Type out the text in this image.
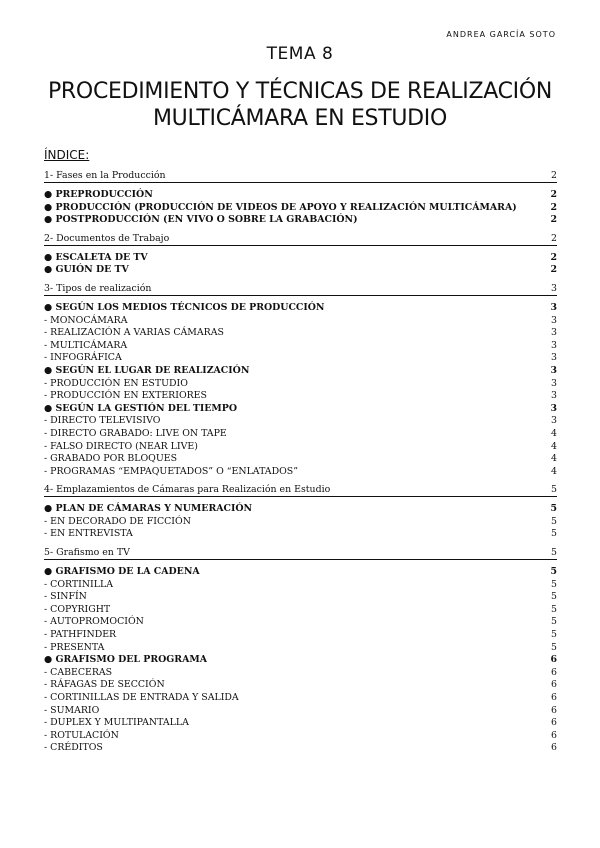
ANDREA GARCÍA SOTO
TEMA 8
PROCEDIMIENTO Y TÉCNICAS DE REALIZACIÓN
MULTICÁMARA EN ESTUDIO
ÍNDICE:
1- Fases en la Producción	2
● PREPRODUCCIÓN	2
● PRODUCCIÓN (PRODUCCIÓN DE VIDEOS DE APOYO Y REALIZACIÓN MULTICÁMARA)	2
● POSTPRODUCCIÓN (EN VIVO O SOBRE LA GRABACIÓN)	2
2- Documentos de Trabajo	2
● ESCALETA DE TV	2
● GUIÓN DE TV	2
3- Tipos de realización	3
● SEGÚN LOS MEDIOS TÉCNICOS DE PRODUCCIÓN	3
- MONOCÁMARA	3
- REALIZACIÓN A VARIAS CÁMARAS	3
- MULTICÁMARA	3
- INFOGRÁFICA	3
● SEGÚN EL LUGAR DE REALIZACIÓN	3
- PRODUCCIÓN EN ESTUDIO	3
- PRODUCCIÓN EN EXTERIORES	3
● SEGÚN LA GESTIÓN DEL TIEMPO	3
- DIRECTO TELEVISIVO	3
- DIRECTO GRABADO: LIVE ON TAPE	4
- FALSO DIRECTO (NEAR LIVE)	4
- GRABADO POR BLOQUES	4
- PROGRAMAS “EMPAQUETADOS” O “ENLATADOS”	4
4- Emplazamientos de Cámaras para Realización en Estudio	5
● PLAN DE CÁMARAS Y NUMERACIÓN	5
- EN DECORADO DE FICCIÓN	5
- EN ENTREVISTA	5
5- Grafismo en TV	5
● GRAFISMO DE LA CADENA	5
- CORTINILLA	5
- SINFÍN	5
- COPYRIGHT	5
- AUTOPROMOCIÓN	5
- PATHFINDER	5
- PRESENTA	5
● GRAFISMO DEL PROGRAMA	6
- CABECERAS	6
- RÁFAGAS DE SECCIÓN	6
- CORTINILLAS DE ENTRADA Y SALIDA	6
- SUMARIO	6
- DUPLEX Y MULTIPANTALLA	6
- ROTULACIÓN	6
- CRÉDITOS	6
